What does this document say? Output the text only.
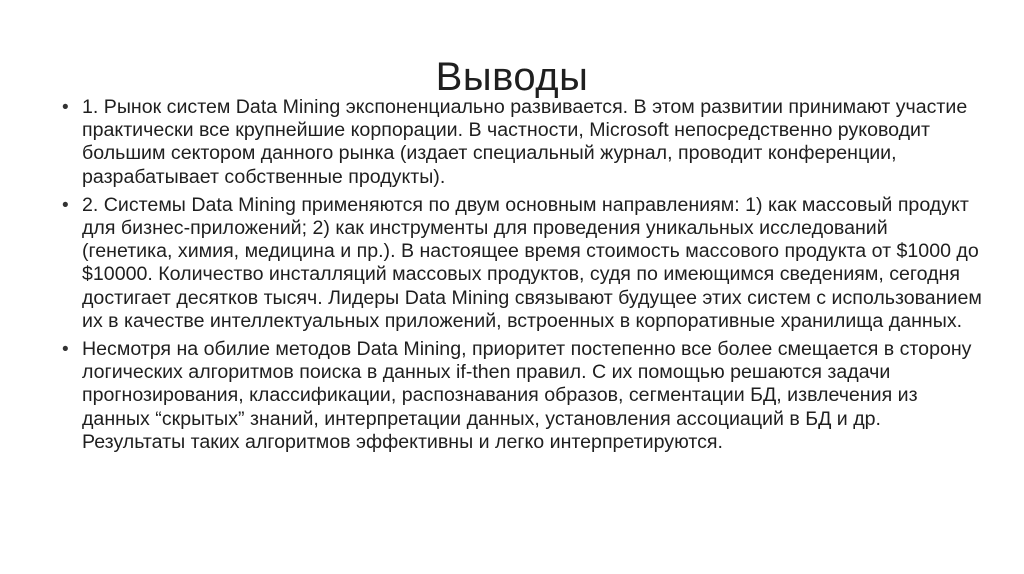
Выводы
• 1. Рынок систем Data Mining экспоненциально развивается. В этом развитии принимают участие практически все крупнейшие корпорации. В частности, Microsoft непосредственно руководит большим сектором данного рынка (издает специальный журнал, проводит конференции, разрабатывает собственные продукты).
• 2. Системы Data Mining применяются по двум основным направлениям: 1) как массовый продукт для бизнес-приложений; 2) как инструменты для проведения уникальных исследований (генетика, химия, медицина и пр.). В настоящее время стоимость массового продукта от $1000 до $10000. Количество инсталляций массовых продуктов, судя по имеющимся сведениям, сегодня достигает десятков тысяч. Лидеры Data Mining связывают будущее этих систем с использованием их в качестве интеллектуальных приложений, встроенных в корпоративные хранилища данных.
• Несмотря на обилие методов Data Mining, приоритет постепенно все более смещается в сторону логических алгоритмов поиска в данных if-then правил. С их помощью решаются задачи прогнозирования, классификации, распознавания образов, сегментации БД, извлечения из данных “скрытых” знаний, интерпретации данных, установления ассоциаций в БД и др. Результаты таких алгоритмов эффективны и легко интерпретируются.
